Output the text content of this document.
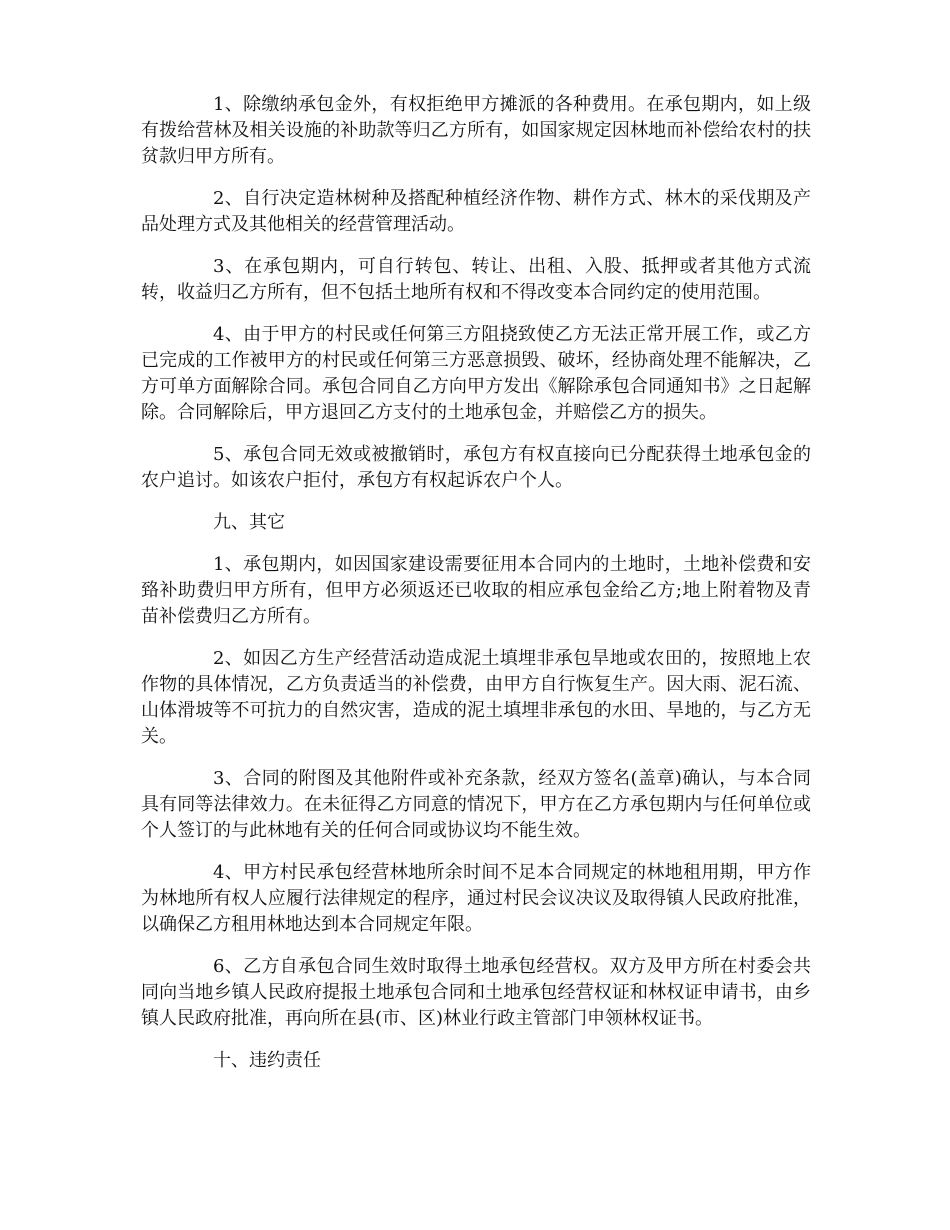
1、除缴纳承包金外，有权拒绝甲方摊派的各种费用。在承包期内，如上级有拨给营林及相关设施的补助款等归乙方所有，如国家规定因林地而补偿给农村的扶贫款归甲方所有。

2、自行决定造林树种及搭配种植经济作物、耕作方式、林木的采伐期及产品处理方式及其他相关的经营管理活动。

3、在承包期内，可自行转包、转让、出租、入股、抵押或者其他方式流转，收益归乙方所有，但不包括土地所有权和不得改变本合同约定的使用范围。

4、由于甲方的村民或任何第三方阻挠致使乙方无法正常开展工作，或乙方已完成的工作被甲方的村民或任何第三方恶意损毁、破坏，经协商处理不能解决，乙方可单方面解除合同。承包合同自乙方向甲方发出《解除承包合同通知书》之日起解除。合同解除后，甲方退回乙方支付的土地承包金，并赔偿乙方的损失。

5、承包合同无效或被撤销时，承包方有权直接向已分配获得土地承包金的农户追讨。如该农户拒付，承包方有权起诉农户个人。

九、其它

1、承包期内，如因国家建设需要征用本合同内的土地时，土地补偿费和安臵补助费归甲方所有，但甲方必须返还已收取的相应承包金给乙方;地上附着物及青苗补偿费归乙方所有。

2、如因乙方生产经营活动造成泥土填埋非承包旱地或农田的，按照地上农作物的具体情况，乙方负责适当的补偿费，由甲方自行恢复生产。因大雨、泥石流、山体滑坡等不可抗力的自然灾害，造成的泥土填埋非承包的水田、旱地的，与乙方无关。

3、合同的附图及其他附件或补充条款，经双方签名(盖章)确认，与本合同具有同等法律效力。在未征得乙方同意的情况下，甲方在乙方承包期内与任何单位或个人签订的与此林地有关的任何合同或协议均不能生效。

4、甲方村民承包经营林地所余时间不足本合同规定的林地租用期，甲方作为林地所有权人应履行法律规定的程序，通过村民会议决议及取得镇人民政府批准，以确保乙方租用林地达到本合同规定年限。

6、乙方自承包合同生效时取得土地承包经营权。双方及甲方所在村委会共同向当地乡镇人民政府提报土地承包合同和土地承包经营权证和林权证申请书，由乡镇人民政府批准，再向所在县(市、区)林业行政主管部门申领林权证书。

十、违约责任
